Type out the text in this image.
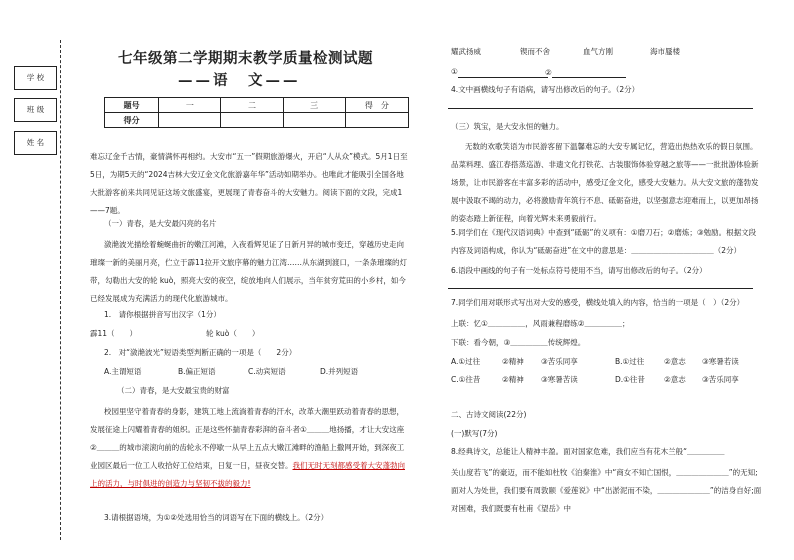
学 校
班 级
姓 名
七年级第二学期期末教学质量检测试题
——语　文——
题号	一	二	三	得　分
得分				
难忘辽金千古情，豪情满怀再相约。大安市“五一”假期旅游爆火，开启“人从众”模式。5月1日至5日，为期5天的“2024吉林大安辽金文化旅游嘉年华”活动如期举办。也唯此才能吸引全国各地大批游客前来共同见证这场文旅盛宴，更展现了青春奋斗的大安魅力。阅读下面的文段，完成1——7题。
（一）青春，是大安最闪亮的名片
潋滟波光描绘着蜿蜒曲折的嫩江河滩，入夜看辉见证了日新月异的城市变迁，穿越历史走向璀璨一新的美丽月亮，伫立于霹11拉开文旅序幕的魅力江湾……从东湖到渡口，一条条璀璨的灯带，勾勒出大安的轮 kuò，照亮大安的夜空，绽放地向人们展示，当年贫穷荒田的小乡村，如今已经发展成为充满活力的现代化旅游城市。
1.　请你根据拼音写出汉字（1分）
霹11（　　）	轮 kuò（　　）
2.　对“潋滟波光”短语类型判断正确的一项是（　　2分）
A.主谓短语	B.偏正短语	C.动宾短语	D.并列短语
（二）青春，是大安最宝贵的财富
校园里坚守着青春的身影，建筑工地上流淌着青春的汗水，改革大潮里跃动着青春的思想，发展征途上闪耀着青春的姐织。正是这些怀揣青春彩湃的奋斗者①＿＿＿地扬播，才让大安这座②＿＿＿的城市滚滚向前的齿轮永不停歇一从早上五点大嫩江滩畔的渔船上撒网开始，到深夜工业园区最后一位工人收拾好工位结束，日复一日，昼夜交替。我们无时无刻都感受着大安蓬勃向上的活力，与时俱进的创造力与坚韧不拔的毅力!
3.请根据语境，为①②处选用恰当的词语写在下面的横线上。（2分）
耀武扬威	锲而不舍	血气方刚	海市蜃楼
①	②
4.文中画横线句子有语病，请写出修改后的句子。（2分）
（三）筑宝，是大安永恒的魅力。
无数的欢歌笑语为市民游客留下温馨难忘的大安专属记忆，营造出热热欢乐的假日氛围。品菜料理、盛江春搭蒸巡游、非遗文化打铁花、古装服饰体验穿越之旅等——一批批游体验新场景，让市民游客在丰富多彩的活动中，感受辽金文化，感受大安魅力。从大安文旅的蓬勃发展中汲取不竭的动力，必将激励青年筑行不息、砥砺奋进，以坚强意志迎难而上，以更加昂扬的姿态踏上新征程，向着光辉未来勇毅前行。
5.同学们在《现代汉语词典》中查到“砥砺”的义项有：①磨刀石；②磨炼；③勉励。根据文段内容及词语构成，你认为“砥砺奋进”在文中的意思是：＿＿＿＿＿＿＿＿＿＿＿（2分）
6.语段中画线的句子有一处标点符号使用不当，请写出修改后的句子。（2分）
7.同学们用对联形式写出对大安的感受，横线处填入的内容，恰当的一项是（　）（2分）
上联：忆①＿＿＿＿＿，风雨兼程磨练②＿＿＿＿＿；
下联：看今朝，③＿＿＿＿＿传统辉煌。
A.①过往	②精神 ③苦乐同享	B.①过往	②意志 ③寒暑若读
C.①往昔	②精神 ③寒暑苦读	D.①往昔	②意志 ③苦乐同享
二、古诗文阅读(22分)
(一)默写(7分)
8.经典诗文，总能让人精神丰盈。面对国家危难，我们应当有花木兰般“＿＿＿＿＿
关山度若飞”的豪迈，而不能如杜牧《泊秦淮》中“商女不知亡国恨，＿＿＿＿＿＿＿”的无知;面对人为处世，我们要有周敦颐《爱莲说》中“出淤泥而不染，＿＿＿＿＿＿＿”的洁身自好;面对困难，我们既要有杜甫《望岳》中
